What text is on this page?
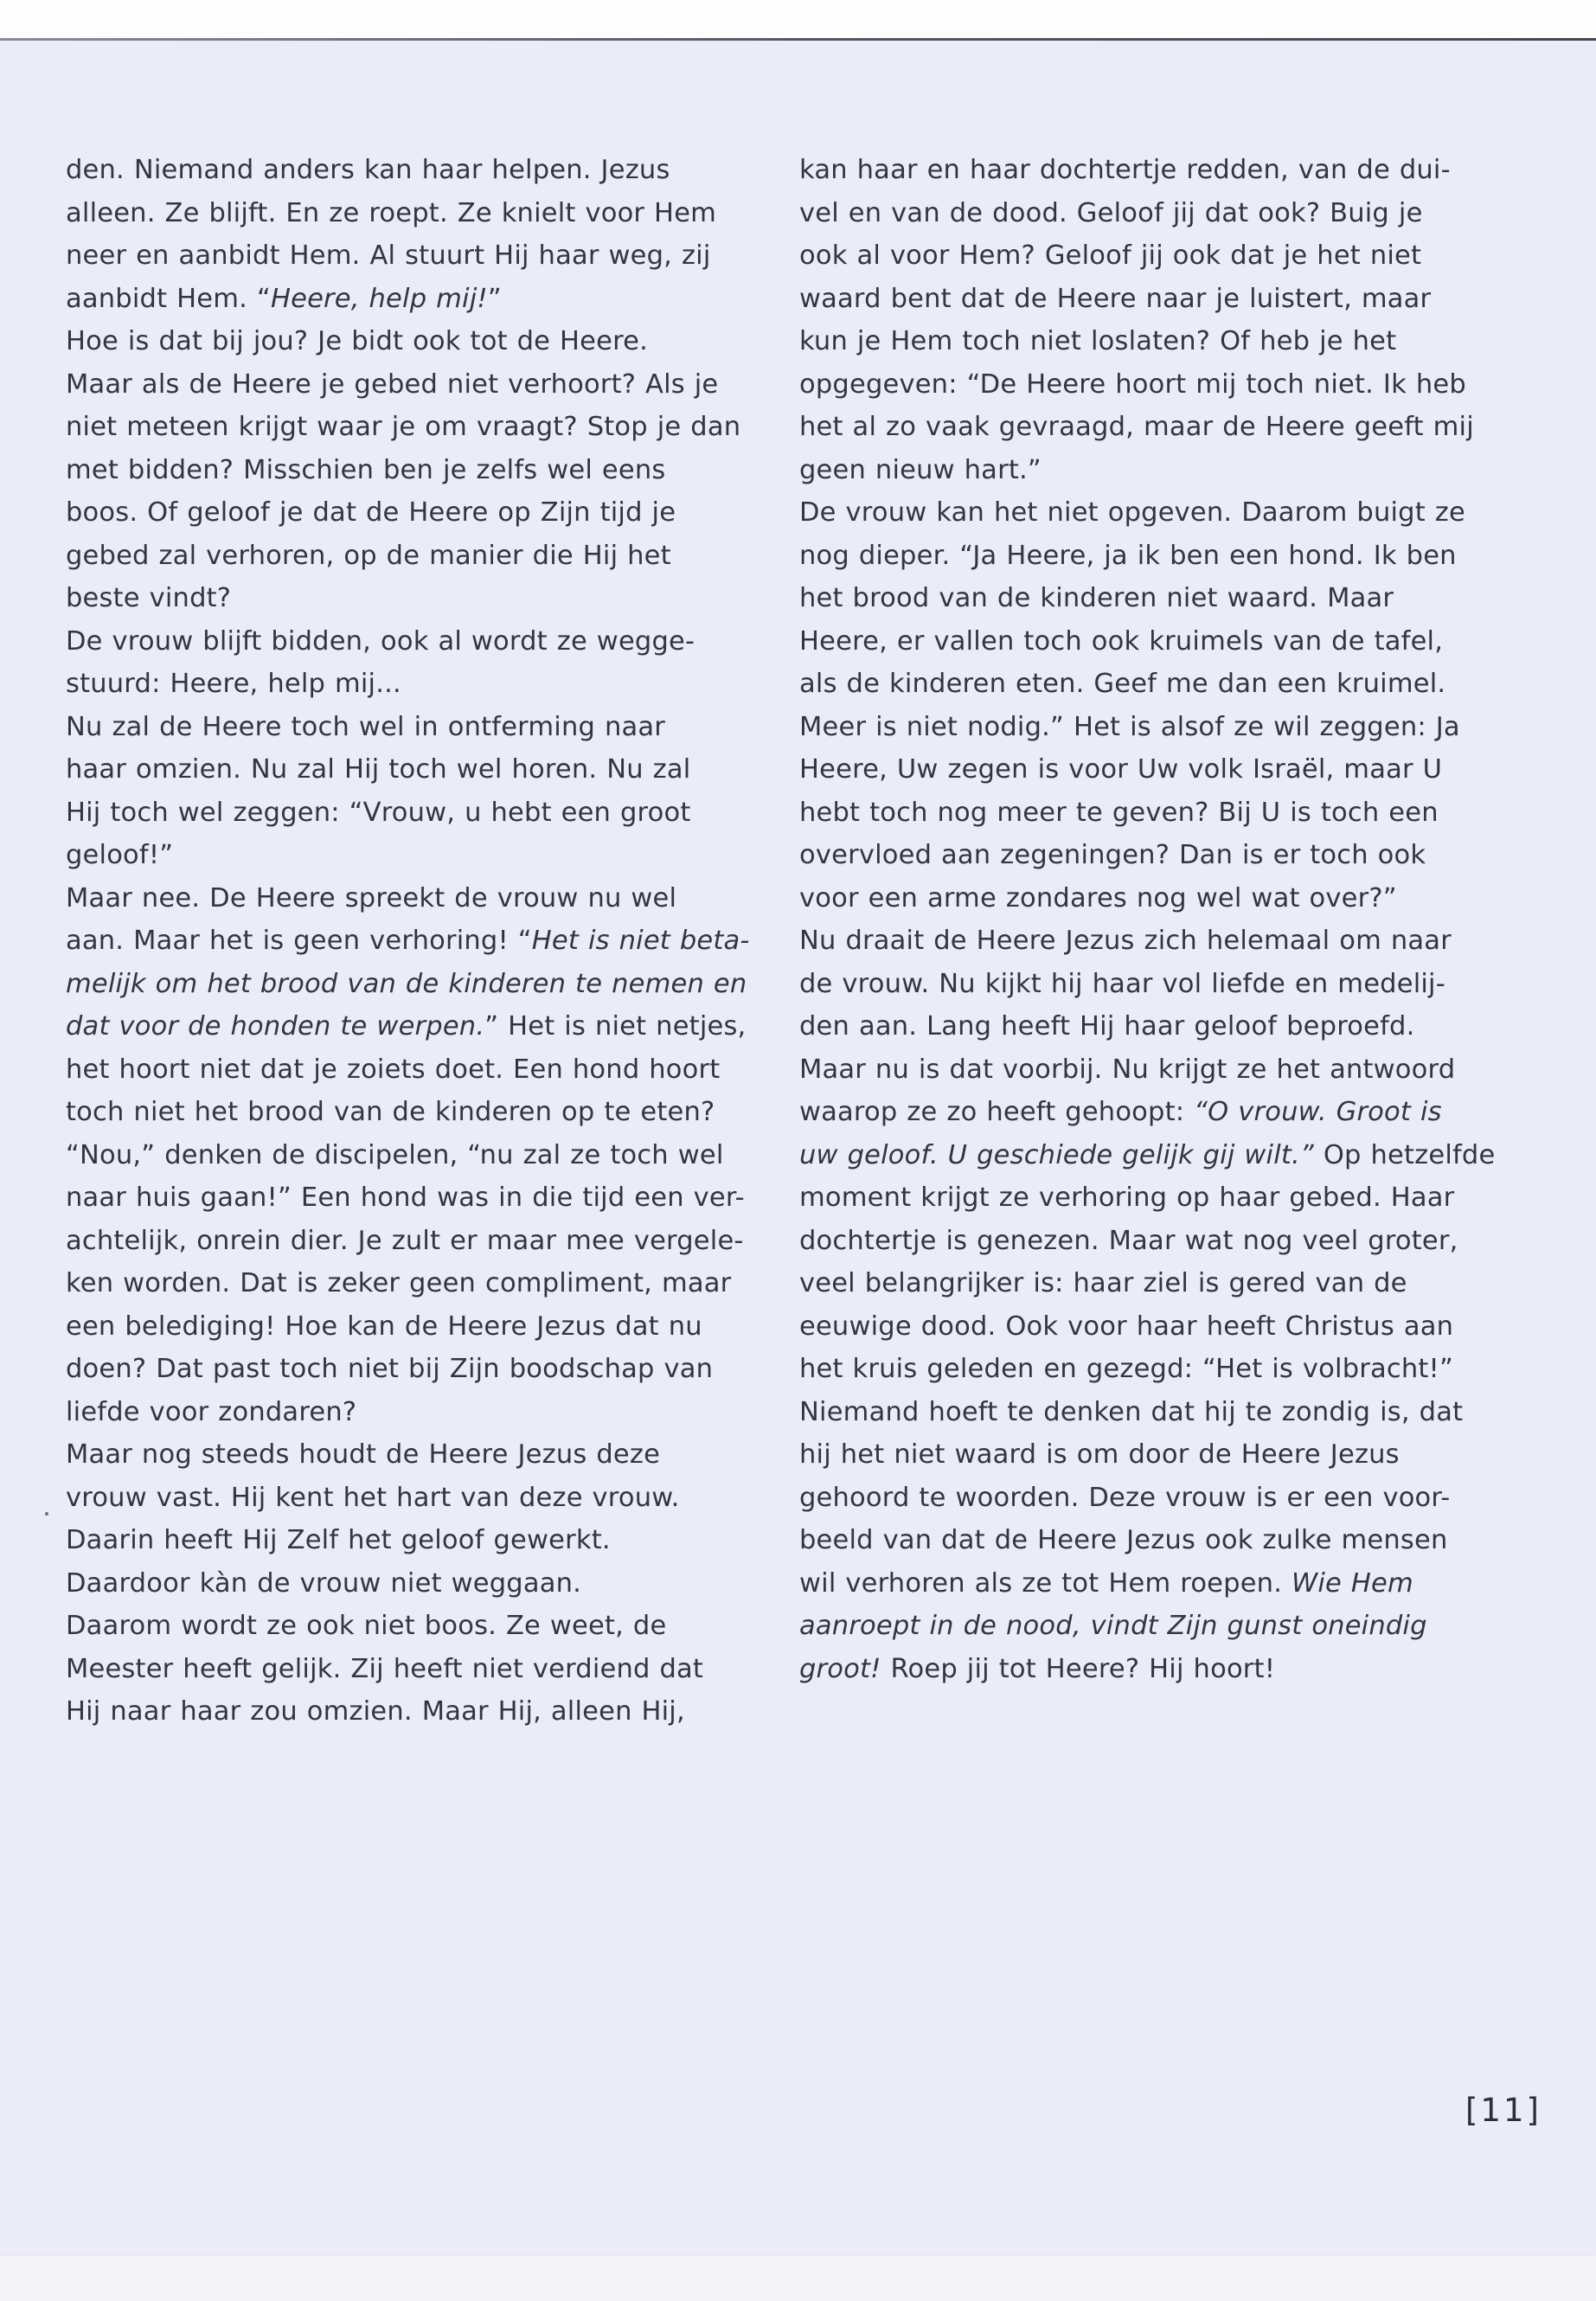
den. Niemand anders kan haar helpen. Jezus
alleen. Ze blijft. En ze roept. Ze knielt voor Hem
neer en aanbidt Hem. Al stuurt Hij haar weg, zij
aanbidt Hem. “Heere, help mij!”
Hoe is dat bij jou? Je bidt ook tot de Heere.
Maar als de Heere je gebed niet verhoort? Als je
niet meteen krijgt waar je om vraagt? Stop je dan
met bidden? Misschien ben je zelfs wel eens
boos. Of geloof je dat de Heere op Zijn tijd je
gebed zal verhoren, op de manier die Hij het
beste vindt?
De vrouw blijft bidden, ook al wordt ze wegge-
stuurd: Heere, help mij...
Nu zal de Heere toch wel in ontferming naar
haar omzien. Nu zal Hij toch wel horen. Nu zal
Hij toch wel zeggen: “Vrouw, u hebt een groot
geloof!”
Maar nee. De Heere spreekt de vrouw nu wel
aan. Maar het is geen verhoring! “Het is niet beta-
melijk om het brood van de kinderen te nemen en
dat voor de honden te werpen.” Het is niet netjes,
het hoort niet dat je zoiets doet. Een hond hoort
toch niet het brood van de kinderen op te eten?
“Nou,” denken de discipelen, “nu zal ze toch wel
naar huis gaan!” Een hond was in die tijd een ver-
achtelijk, onrein dier. Je zult er maar mee vergele-
ken worden. Dat is zeker geen compliment, maar
een belediging! Hoe kan de Heere Jezus dat nu
doen? Dat past toch niet bij Zijn boodschap van
liefde voor zondaren?
Maar nog steeds houdt de Heere Jezus deze
vrouw vast. Hij kent het hart van deze vrouw.
Daarin heeft Hij Zelf het geloof gewerkt.
Daardoor kàn de vrouw niet weggaan.
Daarom wordt ze ook niet boos. Ze weet, de
Meester heeft gelijk. Zij heeft niet verdiend dat
Hij naar haar zou omzien. Maar Hij, alleen Hij,
kan haar en haar dochtertje redden, van de dui-
vel en van de dood. Geloof jij dat ook? Buig je
ook al voor Hem? Geloof jij ook dat je het niet
waard bent dat de Heere naar je luistert, maar
kun je Hem toch niet loslaten? Of heb je het
opgegeven: “De Heere hoort mij toch niet. Ik heb
het al zo vaak gevraagd, maar de Heere geeft mij
geen nieuw hart.”
De vrouw kan het niet opgeven. Daarom buigt ze
nog dieper. “Ja Heere, ja ik ben een hond. Ik ben
het brood van de kinderen niet waard. Maar
Heere, er vallen toch ook kruimels van de tafel,
als de kinderen eten. Geef me dan een kruimel.
Meer is niet nodig.” Het is alsof ze wil zeggen: Ja
Heere, Uw zegen is voor Uw volk Israël, maar U
hebt toch nog meer te geven? Bij U is toch een
overvloed aan zegeningen? Dan is er toch ook
voor een arme zondares nog wel wat over?”
Nu draait de Heere Jezus zich helemaal om naar
de vrouw. Nu kijkt hij haar vol liefde en medelij-
den aan. Lang heeft Hij haar geloof beproefd.
Maar nu is dat voorbij. Nu krijgt ze het antwoord
waarop ze zo heeft gehoopt: “O vrouw. Groot is
uw geloof. U geschiede gelijk gij wilt.” Op hetzelfde
moment krijgt ze verhoring op haar gebed. Haar
dochtertje is genezen. Maar wat nog veel groter,
veel belangrijker is: haar ziel is gered van de
eeuwige dood. Ook voor haar heeft Christus aan
het kruis geleden en gezegd: “Het is volbracht!”
Niemand hoeft te denken dat hij te zondig is, dat
hij het niet waard is om door de Heere Jezus
gehoord te woorden. Deze vrouw is er een voor-
beeld van dat de Heere Jezus ook zulke mensen
wil verhoren als ze tot Hem roepen. Wie Hem
aanroept in de nood, vindt Zijn gunst oneindig
groot! Roep jij tot Heere? Hij hoort!
[11]
